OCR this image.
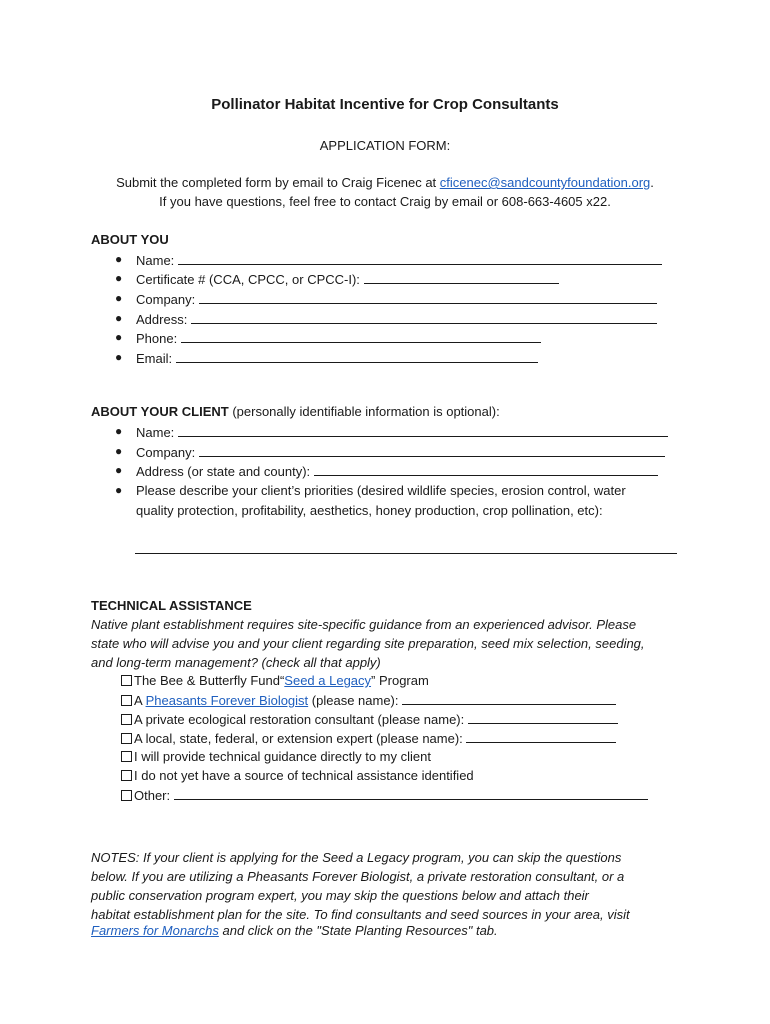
Pollinator Habitat Incentive for Crop Consultants
APPLICATION FORM:
Submit the completed form by email to Craig Ficenec at cficenec@sandcountyfoundation.org.
If you have questions, feel free to contact Craig by email or 608-663-4605 x22.
ABOUT YOU
● Name:
● Certificate # (CCA, CPCC, or CPCC-I):
● Company:
● Address:
● Phone:
● Email:
ABOUT YOUR CLIENT (personally identifiable information is optional):
● Name:
● Company:
● Address (or state and county):
● Please describe your client’s priorities (desired wildlife species, erosion control, water
quality protection, profitability, aesthetics, honey production, crop pollination, etc):
TECHNICAL ASSISTANCE
Native plant establishment requires site-specific guidance from an experienced advisor. Please
state who will advise you and your client regarding site preparation, seed mix selection, seeding,
and long-term management? (check all that apply)
The Bee & Butterfly Fund“Seed a Legacy” Program
A Pheasants Forever Biologist (please name):
A private ecological restoration consultant (please name):
A local, state, federal, or extension expert (please name):
I will provide technical guidance directly to my client
I do not yet have a source of technical assistance identified
Other:
NOTES: If your client is applying for the Seed a Legacy program, you can skip the questions
below. If you are utilizing a Pheasants Forever Biologist, a private restoration consultant, or a
public conservation program expert, you may skip the questions below and attach their
habitat establishment plan for the site. To find consultants and seed sources in your area, visit
Farmers for Monarchs and click on the "State Planting Resources" tab.
